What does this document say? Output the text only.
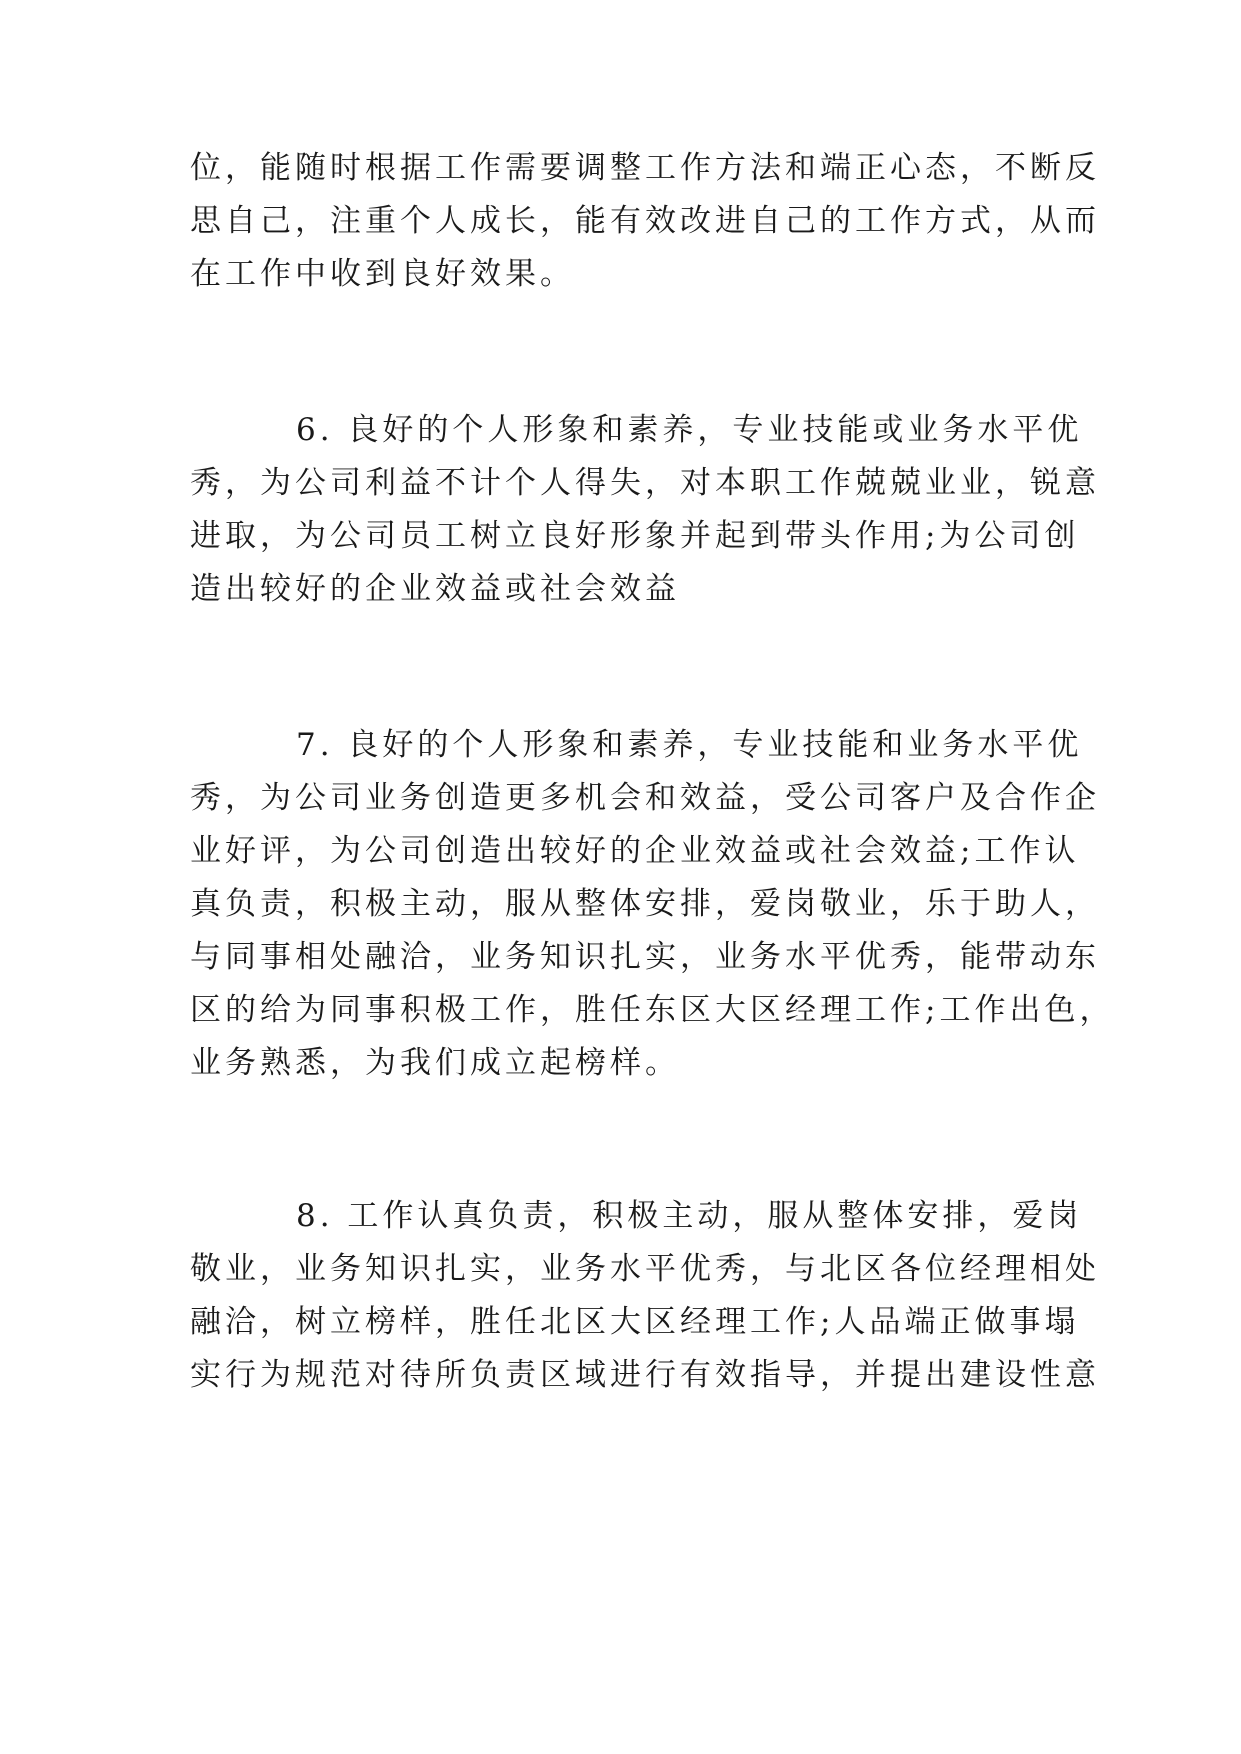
位，能随时根据工作需要调整工作方法和端正心态，不断反
思自己，注重个人成长，能有效改进自己的工作方式，从而
在工作中收到良好效果。
6. 良好的个人形象和素养，专业技能或业务水平优
秀，为公司利益不计个人得失，对本职工作兢兢业业，锐意
进取，为公司员工树立良好形象并起到带头作用;为公司创
造出较好的企业效益或社会效益
7. 良好的个人形象和素养，专业技能和业务水平优
秀，为公司业务创造更多机会和效益，受公司客户及合作企
业好评，为公司创造出较好的企业效益或社会效益;工作认
真负责，积极主动，服从整体安排，爱岗敬业，乐于助人，
与同事相处融洽，业务知识扎实，业务水平优秀，能带动东
区的给为同事积极工作，胜任东区大区经理工作;工作出色，
业务熟悉，为我们成立起榜样。
8. 工作认真负责，积极主动，服从整体安排，爱岗
敬业，业务知识扎实，业务水平优秀，与北区各位经理相处
融洽，树立榜样，胜任北区大区经理工作;人品端正做事塌
实行为规范对待所负责区域进行有效指导，并提出建设性意
